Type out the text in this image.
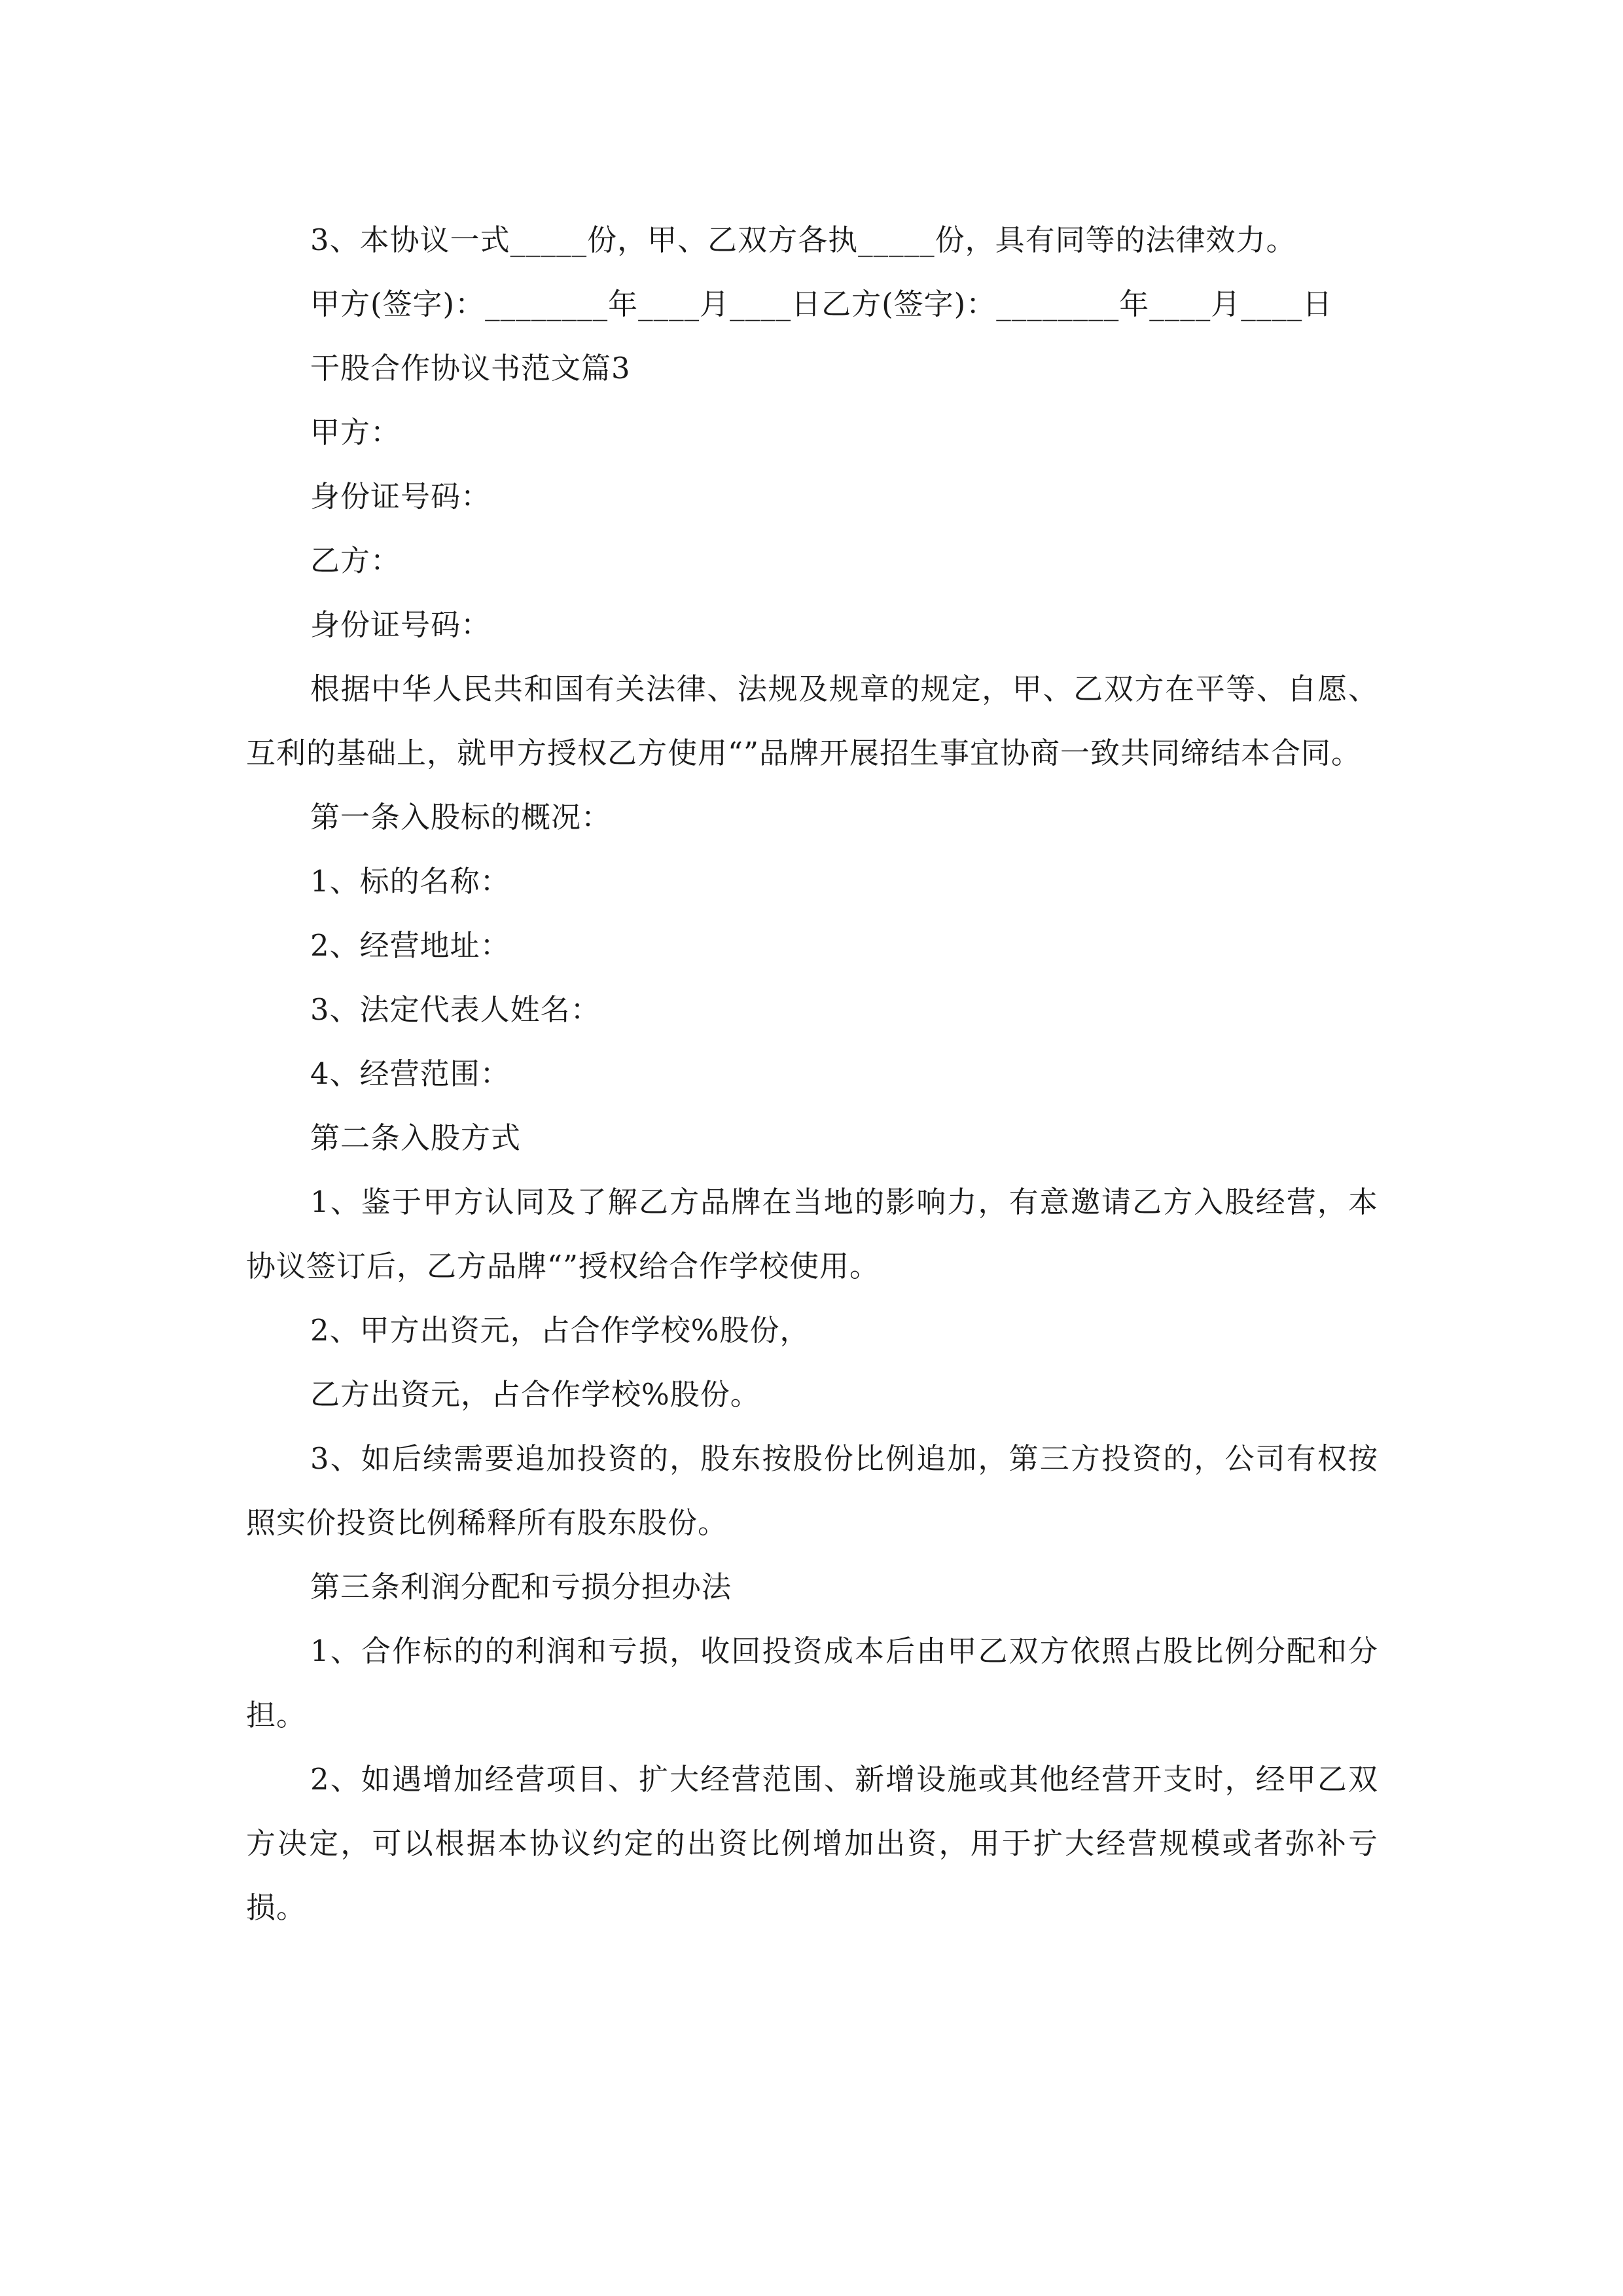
3、本协议一式_____份，甲、乙双方各执_____份，具有同等的法律效力。

甲方(签字)：________年____月____日乙方(签字)：________年____月____日

干股合作协议书范文篇3

甲方：

身份证号码：

乙方：

身份证号码：

根据中华人民共和国有关法律、法规及规章的规定，甲、乙双方在平等、自愿、互利的基础上，就甲方授权乙方使用“”品牌开展招生事宜协商一致共同缔结本合同。

第一条入股标的概况：

1、标的名称：

2、经营地址：

3、法定代表人姓名：

4、经营范围：

第二条入股方式

1、鉴于甲方认同及了解乙方品牌在当地的影响力，有意邀请乙方入股经营，本协议签订后，乙方品牌“”授权给合作学校使用。

2、甲方出资元，占合作学校%股份，

乙方出资元，占合作学校%股份。

3、如后续需要追加投资的，股东按股份比例追加，第三方投资的，公司有权按照实价投资比例稀释所有股东股份。

第三条利润分配和亏损分担办法

1、合作标的的利润和亏损，收回投资成本后由甲乙双方依照占股比例分配和分担。

2、如遇增加经营项目、扩大经营范围、新增设施或其他经营开支时，经甲乙双方决定，可以根据本协议约定的出资比例增加出资，用于扩大经营规模或者弥补亏损。
